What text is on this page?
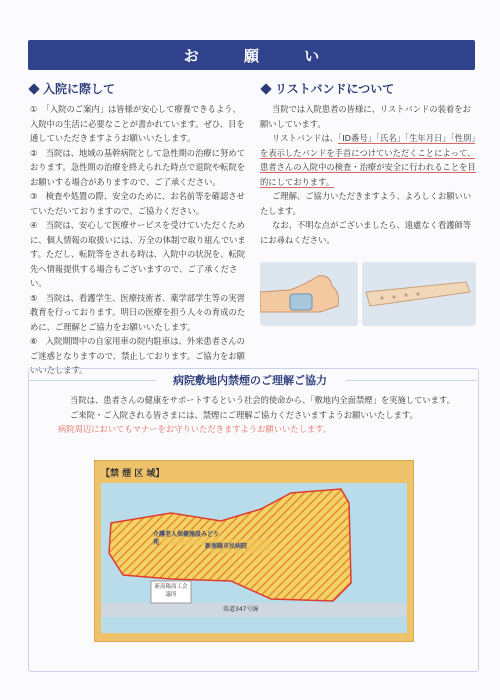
お 願 い
入院に際して

①　「入院のご案内」は皆様が安心して療養できるよう、入院中の生活に必要なことが書かれています。ぜひ、目を通していただきますようお願いいたします。

②　当院は、地域の基幹病院として急性期の治療に努めております。急性期の治療を終えられた時点で退院や転院をお願いする場合がありますので、ご了承ください。

③　検査や処置の際、安全のために、お名前等を確認させていただいておりますので、ご協力ください。

④　当院は、安心して医療サービスを受けていただくために、個人情報の取扱いには、万全の体制で取り組んでいます。ただし、転院等をされる時は、入院中の状況を、転院先へ情報提供する場合もございますので、ご了承ください。

⑤　当院は、看護学生、医療技術者、薬学部学生等の実習教育を行っております。明日の医療を担う人々の育成のために、ご理解とご協力をお願いいたします。

⑥　入院期間中の自家用車の院内駐車は、外来患者さんのご迷惑となりますので、禁止しております。ご協力をお願いいたします。

リストバンドについて

当院では入院患者の皆様に、リストバンドの装着をお願いしています。

リストバンドは、「ID番号」「氏名」「生年月日」「性別」を表示したバンドを手首につけていただくことによって、患者さんの入院中の検査・治療が安全に行われることを目的にしております。

ご理解、ご協力いただきますよう、よろしくお願いいたします。

なお、不明な点がございましたら、遠慮なく看護師等にお尋ねください。

病院敷地内禁煙のご理解ご協力

当院は、患者さんの健康をサポートするという社会的使命から、「敷地内全面禁煙」を実施しています。

ご来院・ご入院される皆さまには、禁煙にご理解ご協力くださいますようお願いいたします。

病院周辺においてもマナーをお守りいただきますようお願いいたします。

【禁 煙 区 域】
介護老人保健施設みどり苑
新南陽市民病院
新南陽商工会議所
県道347号線
